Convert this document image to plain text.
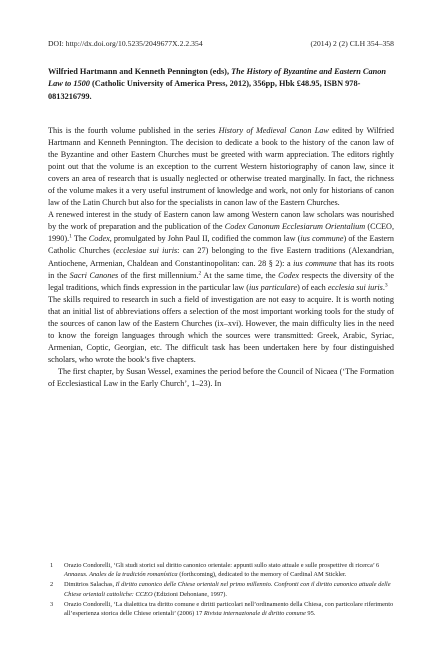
DOI: http://dx.doi.org/10.5235/2049677X.2.2.354	(2014) 2 (2) CLH 354–358
Wilfried Hartmann and Kenneth Pennington (eds), The History of Byzantine and Eastern Canon Law to 1500 (Catholic University of America Press, 2012), 356pp, Hbk £48.95, ISBN 978-0813216799.

This is the fourth volume published in the series History of Medieval Canon Law edited by Wilfried Hartmann and Kenneth Pennington. The decision to dedicate a book to the history of the canon law of the Byzantine and other Eastern Churches must be greeted with warm appreciation. The editors rightly point out that the volume is an exception to the current Western historiography of canon law, since it covers an area of research that is usually neglected or otherwise treated marginally. In fact, the richness of the volume makes it a very useful instrument of knowledge and work, not only for historians of canon law of the Latin Church but also for the specialists in canon law of the Eastern Churches.

A renewed interest in the study of Eastern canon law among Western canon law scholars was nourished by the work of preparation and the publication of the Codex Canonum Ecclesiarum Orientalium (CCEO, 1990).$^1$ The Codex, promulgated by John Paul II, codified the common law (ius commune) of the Eastern Catholic Churches (ecclesiae sui iuris: can 27) belonging to the five Eastern traditions (Alexandrian, Antiochene, Armenian, Chaldean and Constantinopolitan: can. 28 § 2): a ius commune that has its roots in the Sacri Canones of the first millennium.$^2$ At the same time, the Codex respects the diversity of the legal traditions, which finds expression in the particular law (ius particulare) of each ecclesia sui iuris.$^3$

The skills required to research in such a field of investigation are not easy to acquire. It is worth noting that an initial list of abbreviations offers a selection of the most important working tools for the study of the sources of canon law of the Eastern Churches (ix–xvi). However, the main difficulty lies in the need to know the foreign languages through which the sources were transmitted: Greek, Arabic, Syriac, Armenian, Coptic, Georgian, etc. The difficult task has been undertaken here by four distinguished scholars, who wrote the book’s five chapters.

The first chapter, by Susan Wessel, examines the period before the Council of Nicaea (‘The Formation of Ecclesiastical Law in the Early Church’, 1–23). In

1	Orazio Condorelli, ‘Gli studi storici sul diritto canonico orientale: appunti sullo stato attuale e sulle prospettive di ricerca’ 6 Annaeus. Anales de la tradición romanística (forthcoming), dedicated to the memory of Cardinal AM Stickler.
2	Dimitrios Salachas, Il diritto canonico delle Chiese orientali nel primo millennio. Confronti con il diritto canonico attuale delle Chiese orientali cattoliche: CCEO (Edizioni Dehoniane, 1997).
3	Orazio Condorelli, ‘La dialettica tra diritto comune e diritti particolari nell’ordinamento della Chiesa, con particolare riferimento all’esperienza storica delle Chiese orientali’ (2006) 17 Rivista internazionale di diritto comune 95.
